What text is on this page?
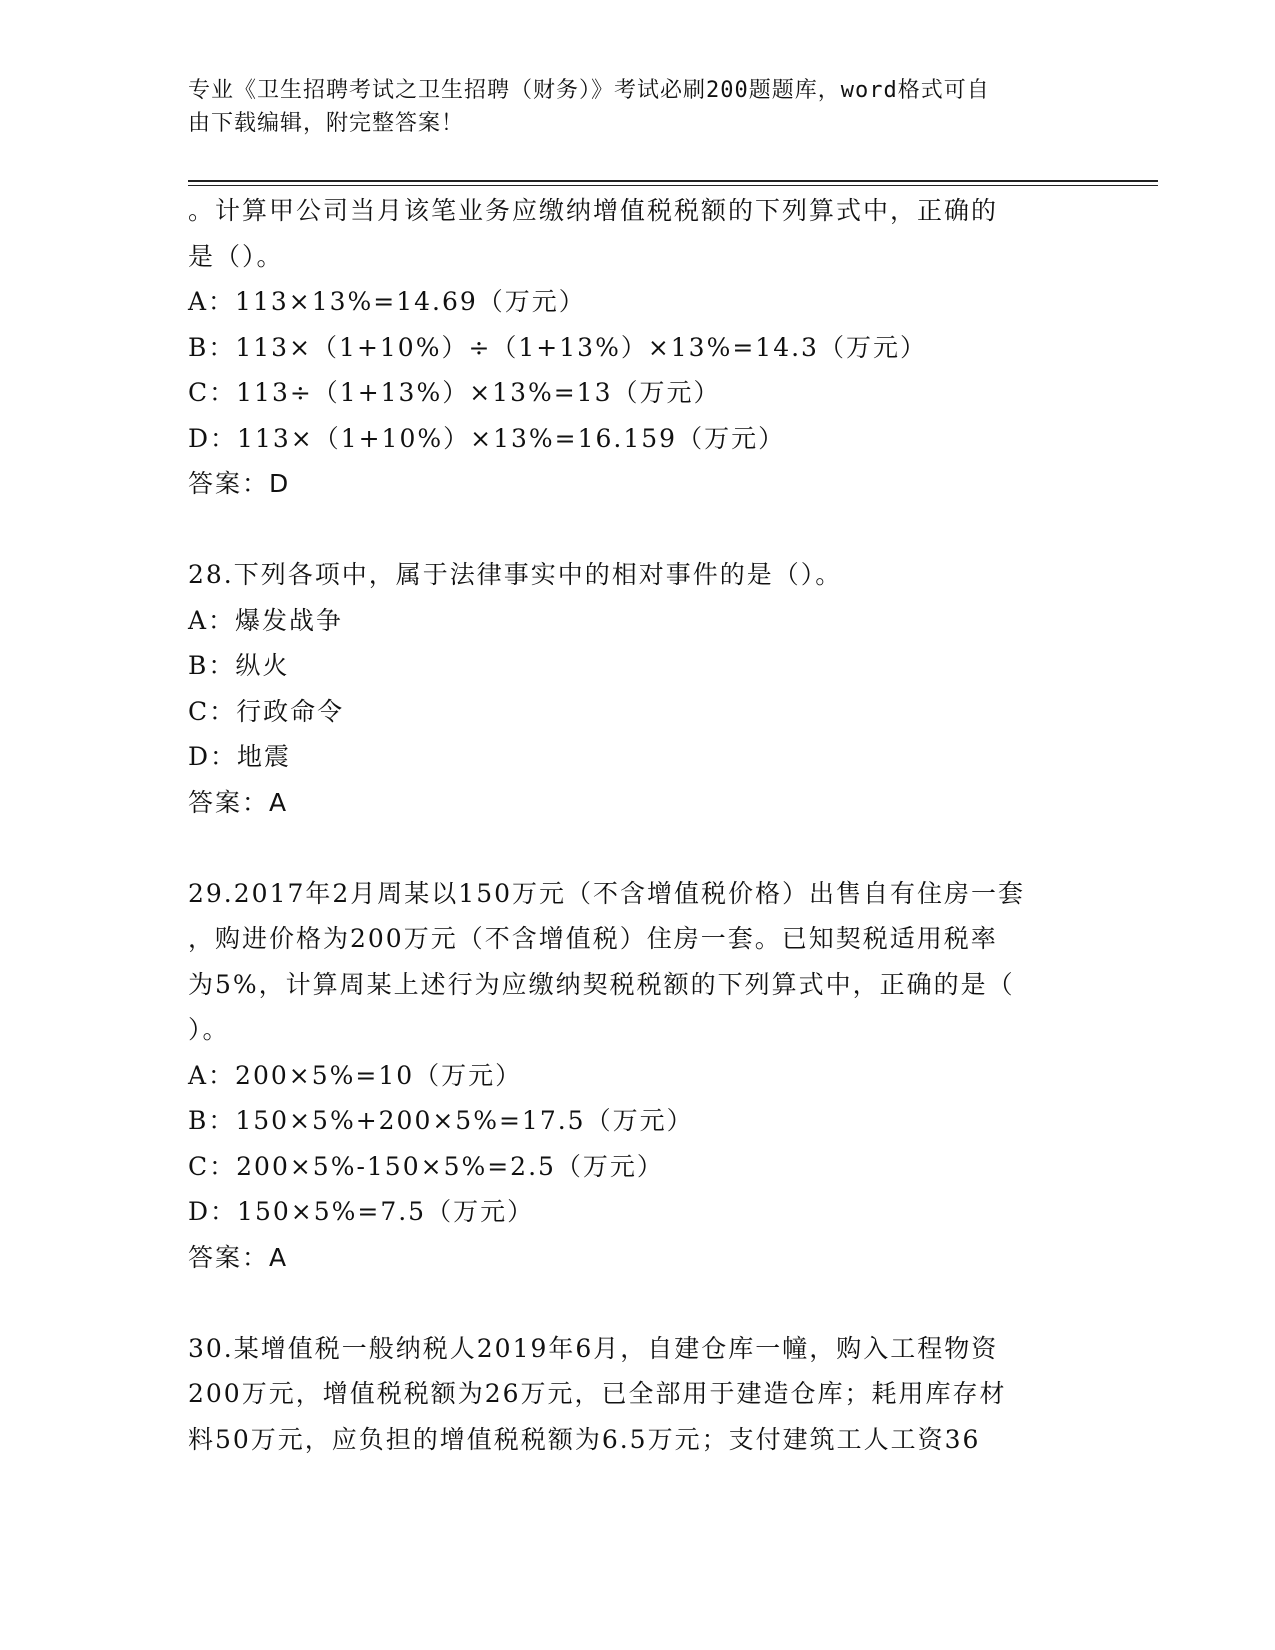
专业《卫生招聘考试之卫生招聘（财务）》考试必刷200题题库，word格式可自
由下载编辑，附完整答案！
。计算甲公司当月该笔业务应缴纳增值税税额的下列算式中，正确的
是（）。
A：113×13%=14.69（万元）
B：113×（1+10%）÷（1+13%）×13%=14.3（万元）
C：113÷（1+13%）×13%=13（万元）
D：113×（1+10%）×13%=16.159（万元）
答案：D
28.下列各项中，属于法律事实中的相对事件的是（）。
A：爆发战争
B：纵火
C：行政命令
D：地震
答案：A
29.2017年2月周某以150万元（不含增值税价格）出售自有住房一套
，购进价格为200万元（不含增值税）住房一套。已知契税适用税率
为5%，计算周某上述行为应缴纳契税税额的下列算式中，正确的是（
）。
A：200×5%=10（万元）
B：150×5%+200×5%=17.5（万元）
C：200×5%-150×5%=2.5（万元）
D：150×5%=7.5（万元）
答案：A
30.某增值税一般纳税人2019年6月，自建仓库一幢，购入工程物资
200万元，增值税税额为26万元，已全部用于建造仓库；耗用库存材
料50万元，应负担的增值税税额为6.5万元；支付建筑工人工资36
